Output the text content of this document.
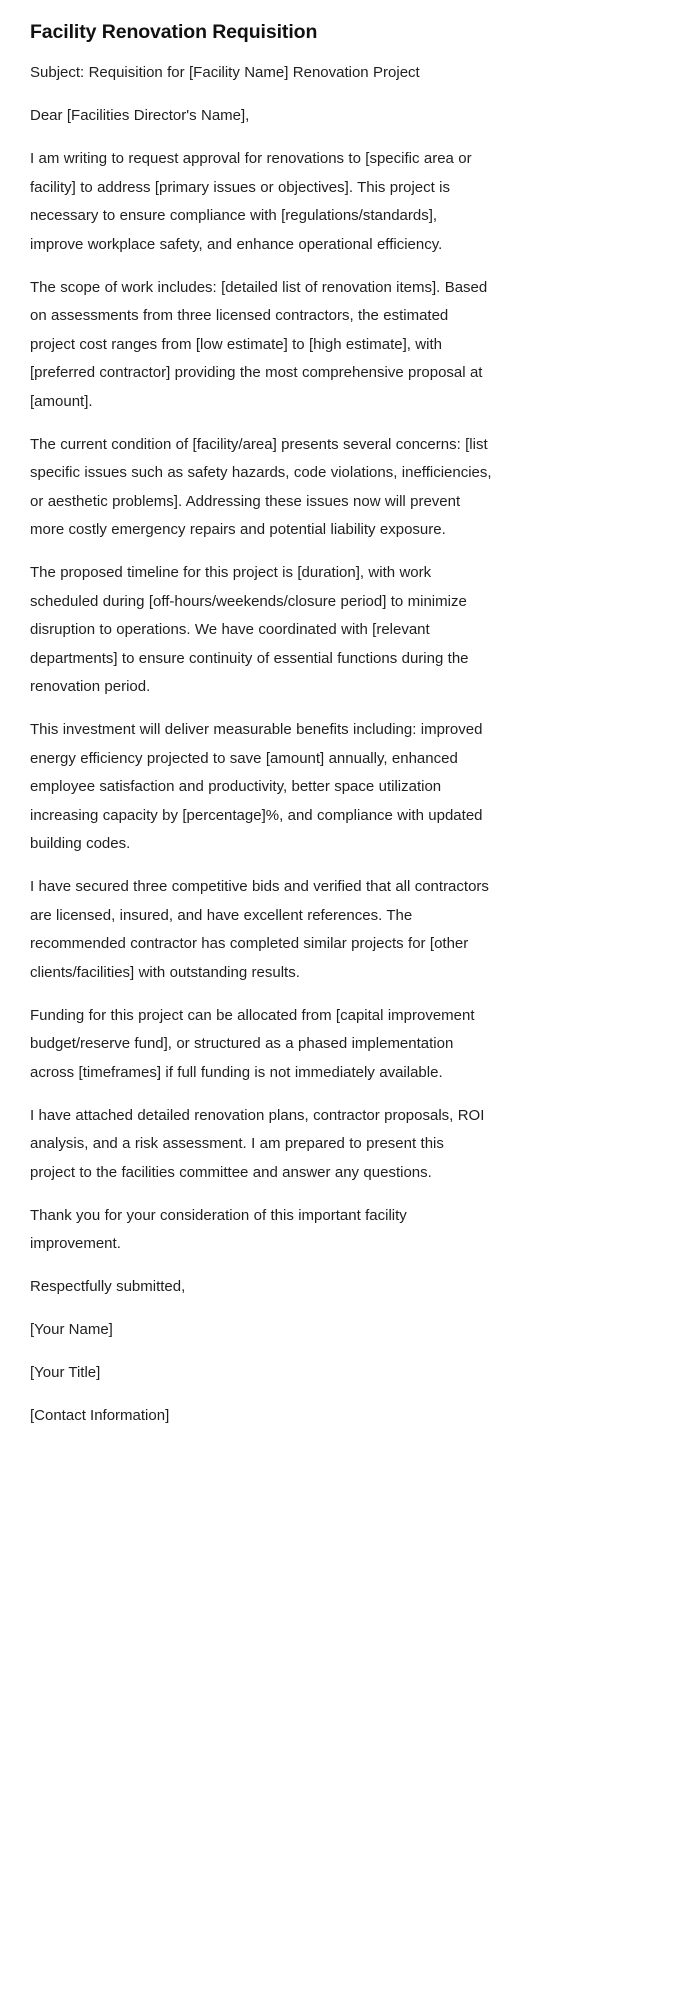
Facility Renovation Requisition

Subject: Requisition for [Facility Name] Renovation Project

Dear [Facilities Director's Name],

I am writing to request approval for renovations to [specific area or facility] to address [primary issues or objectives]. This project is necessary to ensure compliance with [regulations/standards], improve workplace safety, and enhance operational efficiency.

The scope of work includes: [detailed list of renovation items]. Based on assessments from three licensed contractors, the estimated project cost ranges from [low estimate] to [high estimate], with [preferred contractor] providing the most comprehensive proposal at [amount].

The current condition of [facility/area] presents several concerns: [list specific issues such as safety hazards, code violations, inefficiencies, or aesthetic problems]. Addressing these issues now will prevent more costly emergency repairs and potential liability exposure.

The proposed timeline for this project is [duration], with work scheduled during [off-hours/weekends/closure period] to minimize disruption to operations. We have coordinated with [relevant departments] to ensure continuity of essential functions during the renovation period.

This investment will deliver measurable benefits including: improved energy efficiency projected to save [amount] annually, enhanced employee satisfaction and productivity, better space utilization increasing capacity by [percentage]%, and compliance with updated building codes.

I have secured three competitive bids and verified that all contractors are licensed, insured, and have excellent references. The recommended contractor has completed similar projects for [other clients/facilities] with outstanding results.

Funding for this project can be allocated from [capital improvement budget/reserve fund], or structured as a phased implementation across [timeframes] if full funding is not immediately available.

I have attached detailed renovation plans, contractor proposals, ROI analysis, and a risk assessment. I am prepared to present this project to the facilities committee and answer any questions.

Thank you for your consideration of this important facility improvement.

Respectfully submitted,

[Your Name]

[Your Title]

[Contact Information]
